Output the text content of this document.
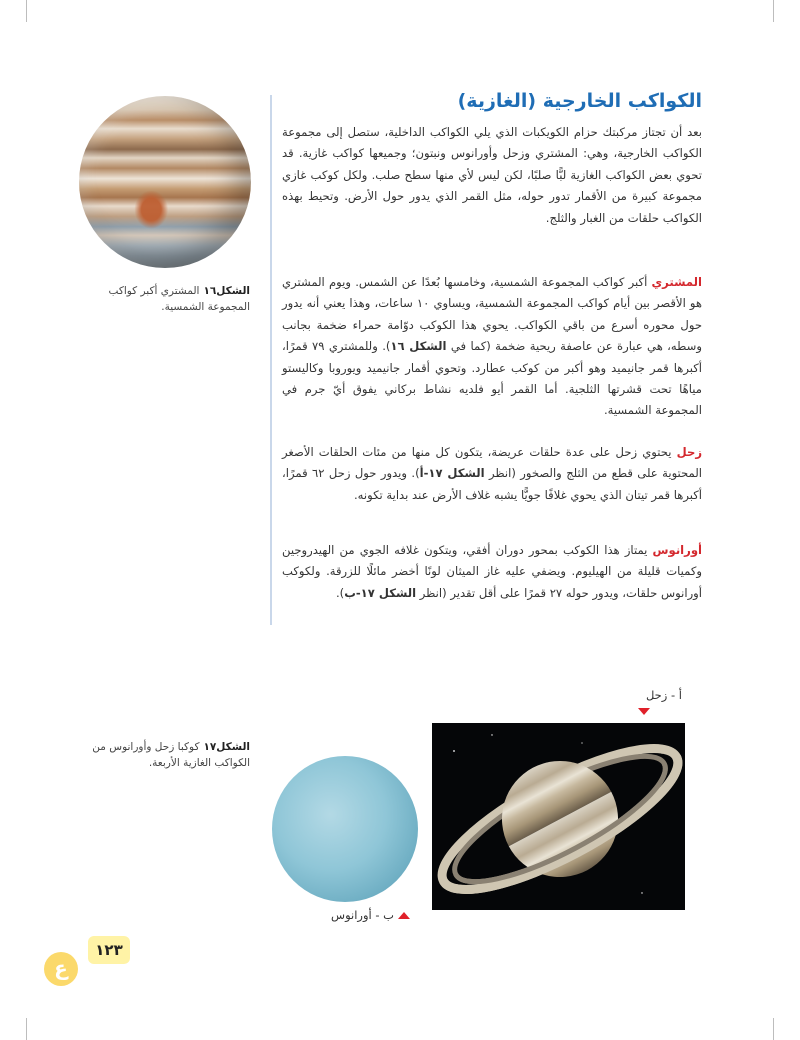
الكواكب الخارجية (الغازية)

بعد أن تجتاز مركبتك حزام الكويكبات الذي يلي الكواكب الداخلية، ستصل إلى مجموعة الكواكب الخارجية، وهي: المشتري وزحل وأورانوس ونبتون؛ وجميعها كواكب غازية. قد تحوي بعض الكواكب الغازية لبًّا صلبًا، لكن ليس لأي منها سطح صلب. ولكل كوكب غازي مجموعة كبيرة من الأقمار تدور حوله، مثل القمر الذي يدور حول الأرض. وتحيط بهذه الكواكب حلقات من الغبار والثلج.

المشتري أكبر كواكب المجموعة الشمسية، وخامسها بُعدًا عن الشمس. ويوم المشتري هو الأقصر بين أيام كواكب المجموعة الشمسية، ويساوي ١٠ ساعات، وهذا يعني أنه يدور حول محوره أسرع من باقي الكواكب. يحوي هذا الكوكب دوّامة حمراء ضخمة بجانب وسطه، هي عبارة عن عاصفة ريحية ضخمة (كما في الشكل ١٦). وللمشتري ٧٩ قمرًا، أكبرها قمر جانيميد وهو أكبر من كوكب عطارد. وتحوي أقمار جانيميد ويوروبا وكاليستو مياهًا تحت قشرتها الثلجية. أما القمر أيو فلديه نشاط بركاني يفوق أيّ جرم في المجموعة الشمسية.

زحل يحتوي زحل على عدة حلقات عريضة، يتكون كل منها من مئات الحلقات الأصغر المحتوية على قطع من الثلج والصخور (انظر الشكل ١٧-أ). ويدور حول زحل ٦٢ قمرًا، أكبرها قمر تيتان الذي يحوي غلافًا جويًّا يشبه غلاف الأرض عند بداية تكونه.

أورانوس يمتاز هذا الكوكب بمحور دوران أفقي، ويتكون غلافه الجوي من الهيدروجين وكميات قليلة من الهيليوم. ويضفي عليه غاز الميثان لونًا أخضر مائلًا للزرقة. ولكوكب أورانوس حلقات، ويدور حوله ٢٧ قمرًا على أقل تقدير (انظر الشكل ١٧-ب).

الشكل١٦المشتري أكبر كواكب المجموعة الشمسية.
الشكل١٧كوكبا زحل وأورانوس من الكواكب الغازية الأربعة.
أ - زحل
ب - أورانوس
١٢٣
ع
